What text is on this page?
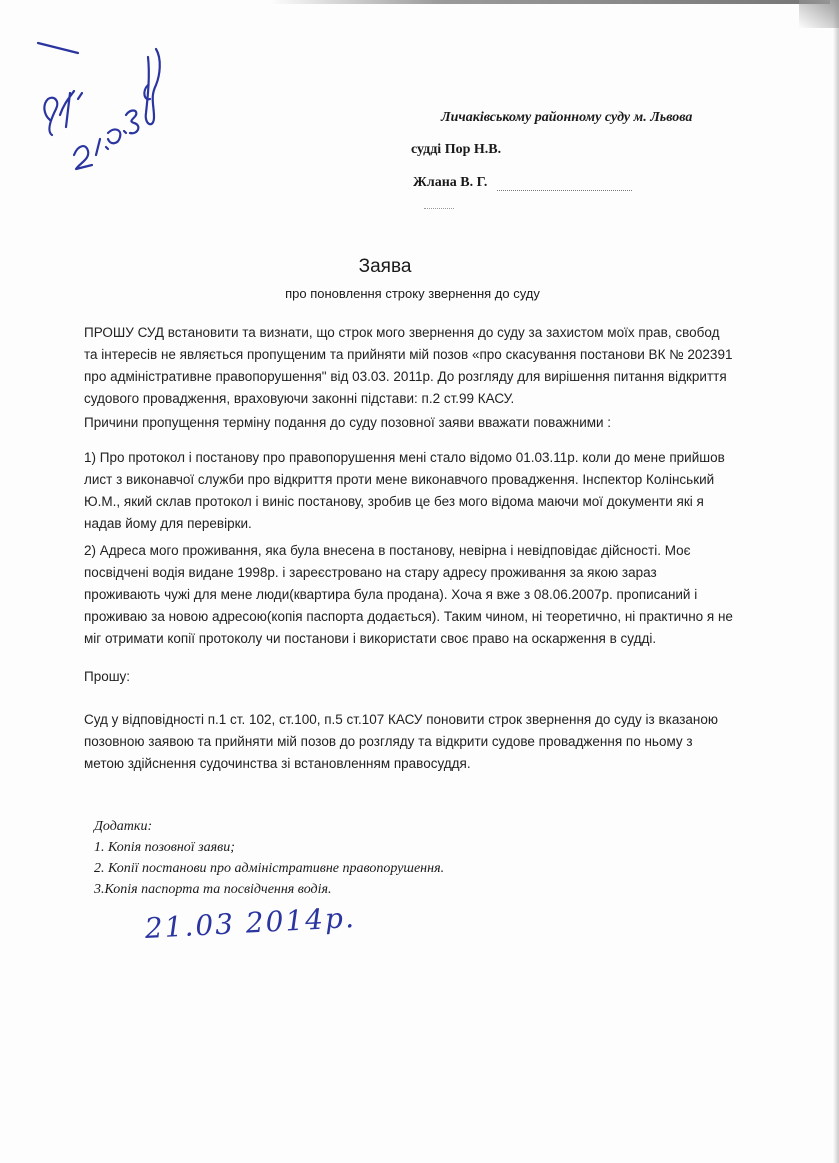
Личаківському районному суду м. Львова
судді Пор Н.В.
Жлана В. Г.
Заява
про поновлення строку звернення до суду
ПРОШУ СУД встановити та визнати, що строк мого звернення до суду за захистом моїх прав, свобод та інтересів не являється пропущеним та прийняти мій позов «про скасування постанови ВК № 202391 про адміністративне правопорушення" від 03.03. 2011р. До розгляду для вирішення питання відкриття судового провадження, враховуючи законні підстави: п.2 ст.99 КАСУ.
Причини пропущення терміну подання до суду позовної заяви вважати поважними :
1) Про протокол і постанову про правопорушення мені стало відомо 01.03.11р. коли до мене прийшов лист з виконавчої служби про відкриття проти мене виконавчого провадження. Інспектор Колінський Ю.М., який склав протокол і виніс постанову, зробив це без мого відома маючи мої документи які я надав йому для перевірки.
2) Адреса мого проживання, яка була внесена в постанову, невірна і невідповідає дійсності. Моє посвідчені водія видане 1998р. і зареєстровано на стару адресу проживання за якою зараз проживають чужі для мене люди(квартира була продана). Хоча я вже з 08.06.2007р. прописаний і проживаю за новою адресою(копія паспорта додається). Таким чином, ні теоретично, ні практично я не міг отримати копії протоколу чи постанови і використати своє право на оскарження в судді.
Прошу:
Суд у відповідності п.1 ст. 102, ст.100, п.5 ст.107 КАСУ поновити строк звернення до суду із вказаною позовною заявою та прийняти мій позов до розгляду та відкрити судове провадження по ньому з метою здійснення судочинства зі встановленням правосуддя.
Додатки:
1. Копія позовної заяви;
2. Копії постанови про адміністративне правопорушення.
3.Копія паспорта та посвідчення водія.
21.03 2014р.
